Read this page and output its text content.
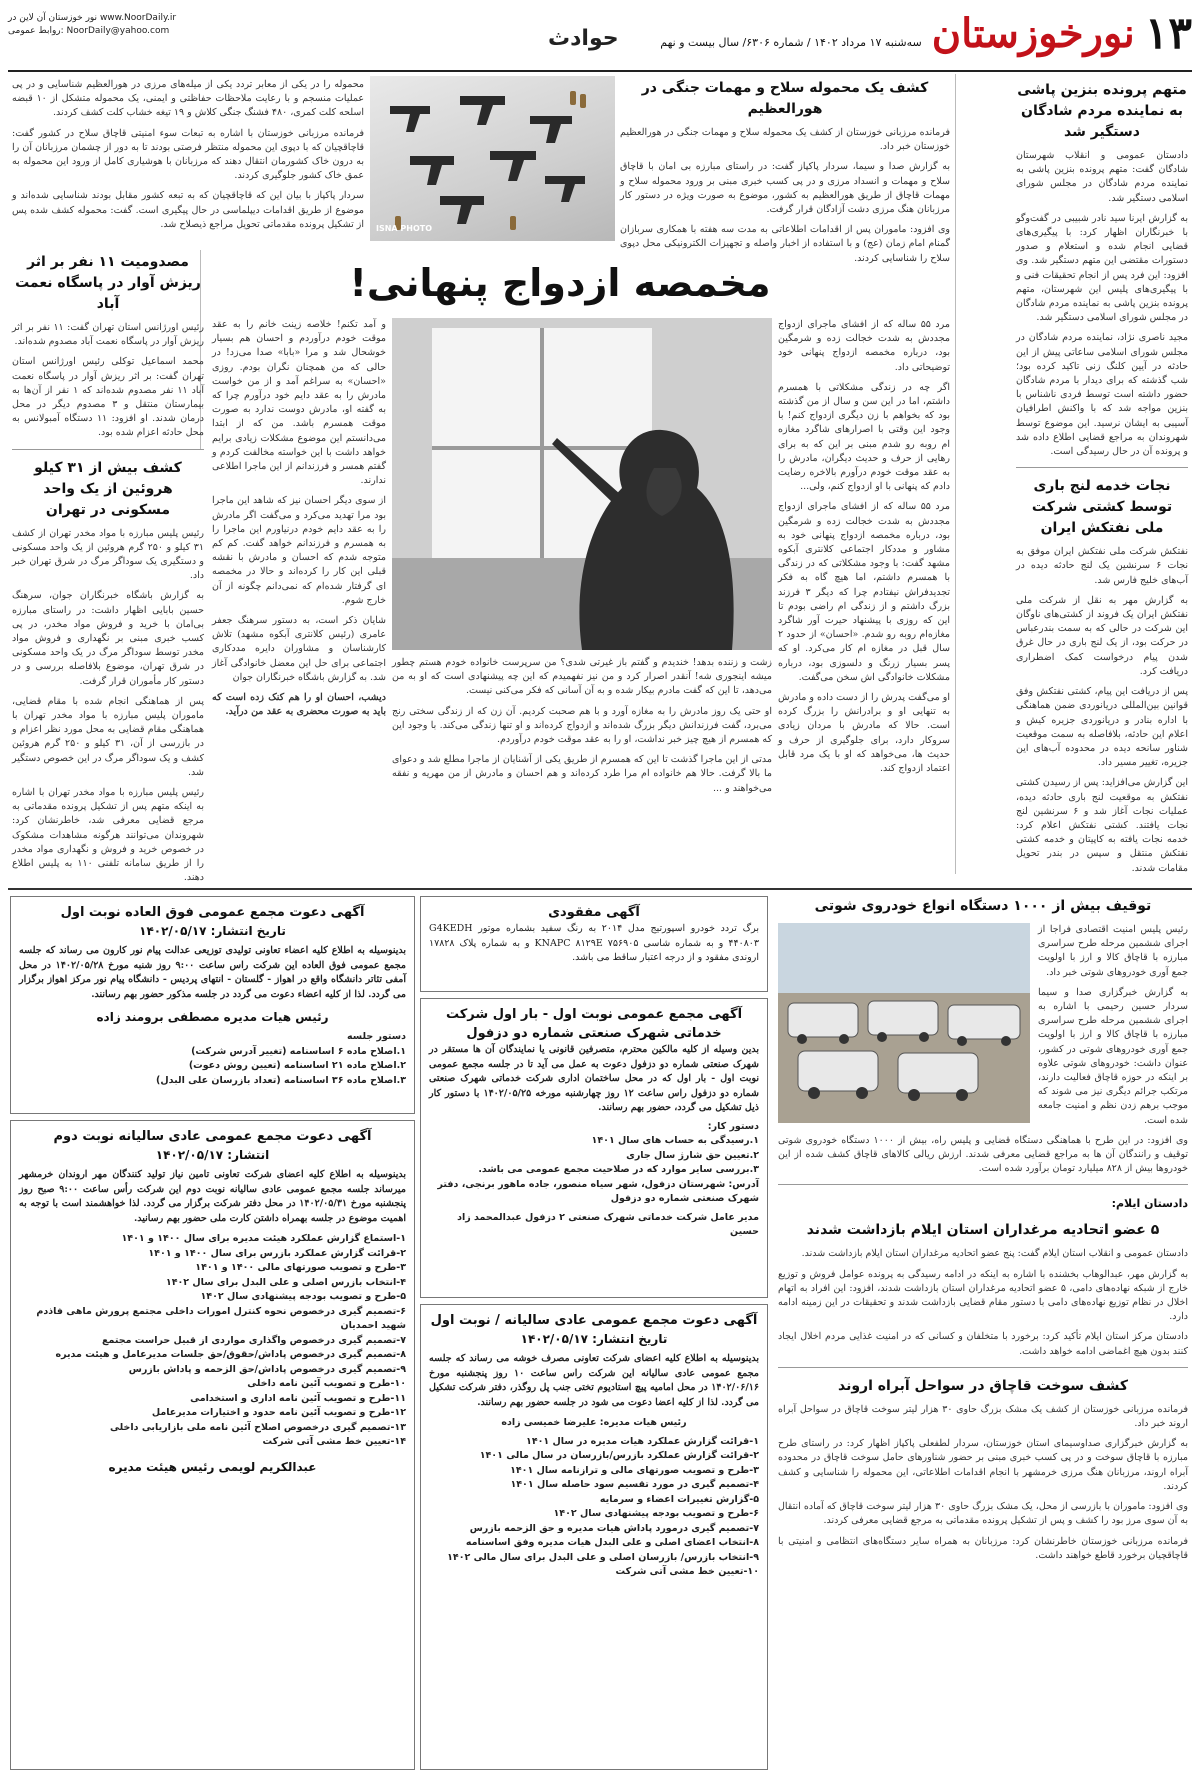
۱۳
نورخوزستان
سه‌شنبه ۱۷ مرداد ۱۴۰۲ / شماره ۶۳۰۶/ سال بیست و نهم
حوادث
نور خوزستان آن لاین در www.NoorDaily.ir
روابط عمومی: NoorDaily@yahoo.com
متهم پرونده بنزین پاشی به نماینده مردم شادگان دستگیر شد

دادستان عمومی و انقلاب شهرستان شادگان گفت: متهم پرونده بنزین پاشی به نماینده مردم شادگان در مجلس شورای اسلامی دستگیر شد.

به گزارش ایرنا سید نادر شبیبی در گفت‌وگو با خبرنگاران اظهار کرد: با پیگیری‌های قضایی انجام شده و استعلام و صدور دستورات مقتضی این متهم دستگیر شد. وی افزود: این فرد پس از انجام تحقیقات فنی و با پیگیری‌های پلیس این شهرستان، متهم پرونده بنزین پاشی به نماینده مردم شادگان در مجلس شورای اسلامی دستگیر شد.

مجید ناصری نژاد، نماینده مردم شادگان در مجلس شورای اسلامی ساعاتی پیش از این حادثه در آیین کلنگ زنی تاکید کرده بود؛ شب گذشته که برای دیدار با مردم شادگان حضور داشته است توسط فردی ناشناس با بنزین مواجه شد که با واکنش اطرافیان آسیبی به ایشان نرسید. این موضوع توسط شهروندان به مراجع قضایی اطلاع داده شد و پرونده آن در حال رسیدگی است.

نجات خدمه لنج باری توسط کشتی شرکت ملی نفتکش ایران

نفتکش شرکت ملی نفتکش ایران موفق به نجات ۶ سرنشین یک لنج حادثه دیده در آب‌های خلیج فارس شد.

به گزارش مهر به نقل از شرکت ملی نفتکش ایران یک فروند از کشتی‌های ناوگان این شرکت در حالی که به سمت بندرعباس در حرکت بود، از یک لنج باری در حال غرق شدن پیام درخواست کمک اضطراری دریافت کرد.

پس از دریافت این پیام، کشتی نفتکش وفق قوانین بین‌المللی دریانوردی ضمن هماهنگی با اداره بنادر و دریانوردی جزیره کیش و اعلام این حادثه، بلافاصله به سمت موقعیت شناور سانحه دیده در محدوده آب‌های این جزیره، تغییر مسیر داد.

این گزارش می‌افزاید: پس از رسیدن کشتی نفتکش به موقعیت لنج باری حادثه دیده، عملیات نجات آغاز شد و ۶ سرنشین لنج نجات یافتند. کشتی نفتکش اعلام کرد: خدمه نجات یافته به کاپیتان و خدمه کشتی نفتکش منتقل و سپس در بندر تحویل مقامات شدند.

کشف یک محموله سلاح و مهمات جنگی در هورالعظیم

فرمانده مرزبانی خوزستان از کشف یک محموله سلاح و مهمات جنگی در هورالعظیم خوزستان خبر داد.

به گزارش صدا و سیما، سردار پاکپاز گفت: در راستای مبارزه بی امان با قاچاق سلاح و مهمات و انسداد مرزی و در پی کسب خبری مبنی بر ورود محموله سلاح و مهمات قاچاق از طریق هورالعظیم به کشور، موضوع به صورت ویژه در دستور کار مرزبانان هنگ مرزی دشت آزادگان قرار گرفت.

وی افزود: ماموران پس از اقدامات اطلاعاتی به مدت سه هفته با همکاری سربازان گمنام امام زمان (عج) و با استفاده از اخبار واصله و تجهیزات الکترونیکی محل دپوی سلاح را شناسایی کردند.

ISNA PHOTO

محموله را در یکی از معابر تردد یکی از میله‌های مرزی در هورالعظیم شناسایی و در پی عملیات منسجم و با رعایت ملاحظات حفاظتی و ایمنی، یک محموله متشکل از ۱۰ قبضه اسلحه کلت کمری، ۴۸۰ فشنگ جنگی کلاش و ۱۹ تیغه خشاب کلت کشف کردند.

فرمانده مرزبانی خوزستان با اشاره به تبعات سوء امنیتی قاچاق سلاح در کشور گفت: قاچاقچیان که با دپوی این محموله منتظر فرصتی بودند تا به دور از چشمان مرزبانان آن را به درون خاک کشورمان انتقال دهند که مرزبانان با هوشیاری کامل از ورود این محموله به عمق خاک کشور جلوگیری کردند.

سردار پاکپاز با بیان این که قاچاقچیان که به تبعه کشور مقابل بودند شناسایی شده‌اند و موضوع از طریق اقدامات دیپلماسی در حال پیگیری است. گفت: محموله کشف شده پس از تشکیل پرونده مقدماتی تحویل مراجع ذیصلاح شد.

مخمصه ازدواج پنهانی!

مرد ۵۵ ساله که از افشای ماجرای ازدواج مجددش به شدت خجالت زده و شرمگین بود، درباره مخمصه ازدواج پنهانی خود توضیحاتی داد.

اگر چه در زندگی مشکلاتی با همسرم داشتم، اما در این سن و سال از من گذشته بود که بخواهم با زن دیگری ازدواج کنم! با وجود این وقتی با اصرارهای شاگرد مغازه ام روبه رو شدم مبنی بر این که به برای رهایی از حرف و حدیث دیگران، مادرش را به عقد موقت خودم درآورم بالاخره رضایت دادم که پنهانی با او ازدواج کنم، ولی...

مرد ۵۵ ساله که از افشای ماجرای ازدواج مجددش به شدت خجالت زده و شرمگین بود، درباره مخمصه ازدواج پنهانی خود به مشاور و مددکار اجتماعی کلانتری آبکوه مشهد گفت: با وجود مشکلاتی که در زندگی با همسرم داشتم، اما هیچ گاه به فکر تجدید‌فراش نیفتادم چرا که دیگر ۳ فرزند بزرگ داشتم و از زندگی ام راضی بودم تا این که روزی با پیشنهاد حیرت آور شاگرد مغازه‌ام روبه رو شدم. «احسان» از حدود ۲ سال قبل در مغازه ام کار می‌کرد. او که پسر بسیار زرنگ و دلسوزی بود، درباره مشکلات خانوادگی اش سخن می‌گفت.

او می‌گفت پدرش را از دست داده و مادرش به تنهایی او و برادرانش را بزرگ کرده است. حالا که مادرش با مردان زیادی سروکار دارد، برای جلوگیری از حرف و حدیث ها، می‌خواهد که او با یک مرد قابل اعتماد ازدواج کند.

زشت و زننده بدهد! خندیدم و گفتم باز غیرتی شدی؟ من سرپرست خانواده خودم هستم چطور میشه اینجوری شه! آنقدر اصرار کرد و من نیز نفهمیدم که این چه پیشنهادی است که او به من می‌دهد، تا این که گفت مادرم بیکار شده و به آن آسانی که فکر می‌کنی نیست.

او حتی یک روز مادرش را به مغازه آورد و با هم صحبت کردیم. آن زن که از زندگی سختی رنج می‌برد، گفت فرزندانش دیگر بزرگ شده‌اند و ازدواج کرده‌اند و او تنها زندگی می‌کند. با وجود این که همسرم از هیچ چیز خبر نداشت، او را به عقد موقت خودم درآوردم.

مدتی از این ماجرا گذشت تا این که همسرم از طریق یکی از آشنایان از ماجرا مطلع شد و دعوای ما بالا گرفت. حالا هم خانواده ام مرا طرد کرده‌اند و هم احسان و مادرش از من مهریه و نفقه می‌خواهند و ...

و آمد تکنم! خلاصه زینت خانم را به عقد موقت خودم درآوردم و احسان هم بسیار خوشحال شد و مرا «بابا» صدا می‌زد! در حالی که من همچنان نگران بودم. روزی «احسان» به سراغم آمد و از من خواست مادرش را به عقد دایم خود درآورم چرا که به گفته او، مادرش دوست ندارد به صورت موقت همسرم باشد. من که از ابتدا می‌دانستم این موضوع مشکلات زیادی برایم خواهد داشت با این خواسته مخالفت کردم و گفتم همسر و فرزندانم از این ماجرا اطلاعی ندارند.

از سوی دیگر احسان نیز که شاهد این ماجرا بود مرا تهدید می‌کرد و می‌گفت اگر مادرش را به عقد دایم خودم درنیاورم این ماجرا را به همسرم و فرزندانم خواهد گفت. کم کم متوجه شدم که احسان و مادرش با نقشه قبلی این کار را کرده‌اند و حالا در مخمصه ای گرفتار شده‌ام که نمی‌دانم چگونه از آن خارج شوم.

شایان ذکر است، به دستور سرهنگ جعفر عامری (رئیس کلانتری آبکوه مشهد) تلاش کارشناسان و مشاوران دایره مددکاری اجتماعی برای حل این معضل خانوادگی آغاز شد. به گزارش باشگاه خبرنگاران جوان

دیشب، احسان او را هم کنک زده است که باید به صورت محضری به عقد من درآید.

مصدومیت ۱۱ نفر بر اثر ریزش آوار در پاسگاه نعمت آباد

رئیس اورژانس استان تهران گفت: ۱۱ نفر بر اثر ریزش آوار در پاسگاه نعمت آباد مصدوم شده‌اند.

محمد اسماعیل توکلی رئیس اورژانس استان تهران گفت: بر اثر ریزش آوار در پاسگاه نعمت آباد ۱۱ نفر مصدوم شده‌اند که ۱ نفر از آن‌ها به بیمارستان منتقل و ۳ مصدوم دیگر در محل درمان شدند. او افزود: ۱۱ دستگاه آمبولانس به محل حادثه اعزام شده بود.

کشف بیش از ۳۱ کیلو هروئین از یک واحد مسکونی در تهران

رئیس پلیس مبارزه با مواد مخدر تهران از کشف ۳۱ کیلو و ۲۵۰ گرم هروئین از یک واحد مسکونی و دستگیری یک سوداگر مرگ در شرق تهران خبر داد.

به گزارش باشگاه خبرنگاران جوان، سرهنگ حسین بابایی اظهار داشت: در راستای مبارزه بی‌امان با خرید و فروش مواد مخدر، در پی کسب خبری مبنی بر نگهداری و فروش مواد مخدر توسط سوداگر مرگ در یک واحد مسکونی در شرق تهران، موضوع بلافاصله بررسی و در دستور کار مأموران قرار گرفت.

پس از هماهنگی انجام شده با مقام قضایی، ماموران پلیس مبارزه با مواد مخدر تهران با هماهنگی مقام قضایی به محل مورد نظر اعزام و در بازرسی از آن، ۳۱ کیلو و ۲۵۰ گرم هروئین کشف و یک سوداگر مرگ در این خصوص دستگیر شد.

رئیس پلیس مبارزه با مواد مخدر تهران با اشاره به اینکه متهم پس از تشکیل پرونده مقدماتی به مرجع قضایی معرفی شد، خاطرنشان کرد: شهروندان می‌توانند هرگونه مشاهدات مشکوک در خصوص خرید و فروش و نگهداری مواد مخدر را از طریق سامانه تلفنی ۱۱۰ به پلیس اطلاع دهند.

آگهی دعوت مجمع عمومی فوق العاده نوبت اول
تاریخ انتشار: ۱۴۰۲/۰۵/۱۷
بدینوسیله به اطلاع کلیه اعضاء تعاونی تولیدی توزیعی عدالت پیام نور کارون می رساند که جلسه مجمع عمومی فوق العاده این شرکت راس ساعت ۹:۰۰ روز شنبه مورخ ۱۴۰۲/۰۵/۲۸ در محل آمفی تئاتر دانشگاه واقع در اهواز - گلستان - انتهای پردیس - دانشگاه پیام نور مرکز اهواز برگزار می گردد. لذا از کلیه اعضاء دعوت می گردد در جلسه مذکور حضور بهم رسانند.
رئیس هیات مدیره مصطفی برومند زاده
دستور جلسه
۱.اصلاح ماده ۶ اساسنامه (تغییر آدرس شرکت)
۲.اصلاح ماده ۲۱ اساسنامه (تعیین روش دعوت)
۳.اصلاح ماده ۳۶ اساسنامه (تعداد بازرسان علی البدل)
آگهی دعوت مجمع عمومی عادی سالیانه نوبت دوم
انتشار: ۱۴۰۲/۰۵/۱۷
بدینوسیله به اطلاع کلیه اعضای شرکت تعاونی تامین نیاز تولید کنندگان مهر اروندان خرمشهر میرساند جلسه مجمع عمومی عادی سالیانه نوبت دوم این شرکت رأس ساعت ۹:۰۰ صبح روز پنجشنبه مورخ ۱۴۰۲/۰۵/۳۱ در محل دفتر شرکت برگزار می گردد. لذا خواهشمند است با توجه به اهمیت موضوع در جلسه بهمراه داشتن کارت ملی حضور بهم رسانید.
۱-استماع گزارش عملکرد هیئت مدیره برای سال ۱۴۰۰ و ۱۴۰۱
۲-قرائت گزارش عملکرد بازرس برای سال ۱۴۰۰ و ۱۴۰۱
۳-طرح و تصویب صورتهای مالی ۱۴۰۰ و ۱۴۰۱
۴-انتخاب بازرس اصلی و علی البدل برای سال ۱۴۰۲
۵-طرح و تصویب بودجه پیشنهادی سال ۱۴۰۲
۶-تصمیم گیری درخصوص نحوه کنترل امورات داخلی مجتمع پرورش ماهی فاذدم شهید احمدیان
۷-تصمیم گیری درخصوص واگذاری مواردی از قبیل حراست مجتمع
۸-تصمیم گیری درخصوص پاداش/حقوق/حق جلسات مدیرعامل و هیئت مدیره
۹-تصمیم گیری درخصوص پاداش/حق الزحمه و پاداش بازرس
۱۰-طرح و تصویب آئین نامه داخلی
۱۱-طرح و تصویب آئین نامه اداری و استخدامی
۱۲-طرح و تصویب آئین نامه حدود و اختیارات مدیرعامل
۱۳-تصمیم گیری درخصوص اصلاح آئین نامه ملی بازاریابی داخلی
۱۴-تعیین خط مشی آتی شرکت
عبدالکریم لویمی رئیس هیئت مدیره
آگهی مفقودی
برگ تردد خودرو اسپورتیج مدل ۲۰۱۴ به رنگ سفید بشماره موتور G4KEDH ۴۴۰۸۰۳ و به شماره شاسی KNAPC ۸۱۲۹E ۷۵۶۹۰۵ و به شماره پلاک ۱۷۸۲۸ اروندی مفقود و از درجه اعتبار ساقط می باشد.
آگهی مجمع عمومی نوبت اول - بار اول شرکت خدماتی شهرک صنعتی شماره دو دزفول
بدین وسیله از کلیه مالکین محترم، متصرفین قانونی یا نمایندگان آن ها مستقر در شهرک صنعتی شماره دو دزفول دعوت به عمل می آید تا در جلسه مجمع عمومی نوبت اول - بار اول که در محل ساختمان اداری شرکت خدماتی شهرک صنعتی شماره دو دزفول راس ساعت ۱۲ روز چهارشنبه مورخه ۱۴۰۲/۰۵/۲۵ با دستور کار ذیل تشکیل می گردد، حضور بهم رسانند.
دستور کار:
۱.رسیدگی به حساب های سال ۱۴۰۱
۲.تعیین حق شارژ سال جاری
۳.بررسی سایر موارد که در صلاحیت مجمع عمومی می باشد.
آدرس: شهرستان دزفول، شهر سیاه منصور، جاده ماهور برنجی، دفتر شهرک صنعتی شماره دو دزفول
مدیر عامل شرکت خدماتی شهرک صنعتی ۲ دزفول عبدالمحمد زاد حسین
آگهی دعوت مجمع عمومی عادی سالیانه / نوبت اول
تاریخ انتشار: ۱۴۰۲/۰۵/۱۷
بدینوسیله به اطلاع کلیه اعضای شرکت تعاونی مصرف خوشه می رساند که جلسه مجمع عمومی عادی سالیانه این شرکت راس ساعت ۱۰ روز پنجشنبه مورخ ۱۴۰۲/۰۶/۱۶ در محل امامیه پیچ استادیوم تختی جنب پل روگذر، دفتر شرکت تشکیل می گردد. لذا از کلیه اعضا دعوت می شود در جلسه حضور بهم رسانند.
رئیس هیات مدیره: علیرضا خمیسی زاده
۱-قرائت گزارش عملکرد هیات مدیره در سال ۱۴۰۱
۲-قرائت گزارش عملکرد بازرس/بازرسان در سال مالی ۱۴۰۱
۳-طرح و تصویب صورتهای مالی و ترازنامه سال ۱۴۰۱
۴-تصمیم گیری در مورد تقسیم سود حاصله سال ۱۴۰۱
۵-گزارش تغییرات اعضاء و سرمایه
۶-طرح و تصویب بودجه پیشنهادی سال ۱۴۰۲
۷-تصمیم گیری درمورد پاداش هیات مدیره و حق الزحمه بازرس
۸-انتخاب اعضای اصلی و علی البدل هیات مدیره وفق اساسنامه
۹-انتخاب بازرس/ بازرسان اصلی و علی البدل برای سال مالی ۱۴۰۲
۱۰-تعیین خط مشی آتی شرکت
توقیف بیش از ۱۰۰۰ دستگاه انواع خودروی شوتی

رئیس پلیس امنیت اقتصادی فراجا از اجرای ششمین مرحله طرح سراسری مبارزه با قاچاق کالا و ارز با اولویت جمع آوری خودروهای شوتی خبر داد.

به گزارش خبرگزاری صدا و سیما سردار حسین رحیمی با اشاره به اجرای ششمین مرحله طرح سراسری مبارزه با قاچاق کالا و ارز با اولویت جمع آوری خودروهای شوتی در کشور، عنوان داشت: خودروهای شوتی علاوه بر اینکه در حوزه قاچاق فعالیت دارند، مرتکب جرائم دیگری نیز می شوند که موجب برهم زدن نظم و امنیت جامعه شده است.

وی افزود: در این طرح با هماهنگی دستگاه قضایی و پلیس راه، بیش از ۱۰۰۰ دستگاه خودروی شوتی توقیف و رانندگان آن ها به مراجع قضایی معرفی شدند. ارزش ریالی کالاهای قاچاق کشف شده از این خودروها بیش از ۸۲۸ میلیارد تومان برآورد شده است.

دادستان ایلام:
۵ عضو اتحادیه مرغداران استان ایلام بازداشت شدند

دادستان عمومی و انقلاب استان ایلام گفت: پنج عضو اتحادیه مرغداران استان ایلام بازداشت شدند.

به گزارش مهر، عبدالوهاب بخشنده با اشاره به اینکه در ادامه رسیدگی به پرونده عوامل فروش و توزیع خارج از شبکه نهاده‌های دامی، ۵ عضو اتحادیه مرغداران استان بازداشت شدند، افزود: این افراد به اتهام اخلال در نظام توزیع نهاده‌های دامی با دستور مقام قضایی بازداشت شدند و تحقیقات در این زمینه ادامه دارد.

دادستان مرکز استان ایلام تأکید کرد: برخورد با متخلفان و کسانی که در امنیت غذایی مردم اخلال ایجاد کنند بدون هیچ اغماضی ادامه خواهد داشت.

کشف سوخت قاچاق در سواحل آبراه اروند

فرمانده مرزبانی خوزستان از کشف یک مشک بزرگ حاوی ۳۰ هزار لیتر سوخت قاچاق در سواحل آبراه اروند خبر داد.

به گزارش خبرگزاری صداوسیمای استان خوزستان، سردار لطفعلی پاکپاز اظهار کرد: در راستای طرح مبارزه با قاچاق سوخت و در پی کسب خبری مبنی بر حضور شناورهای حامل سوخت قاچاق در محدوده آبراه اروند، مرزبانان هنگ مرزی خرمشهر با انجام اقدامات اطلاعاتی، این محموله را شناسایی و کشف کردند.

وی افزود: ماموران با بازرسی از محل، یک مشک بزرگ حاوی ۳۰ هزار لیتر سوخت قاچاق که آماده انتقال به آن سوی مرز بود را کشف و پس از تشکیل پرونده مقدماتی به مرجع قضایی معرفی کردند.

فرمانده مرزبانی خوزستان خاطرنشان کرد: مرزبانان به همراه سایر دستگاه‌های انتظامی و امنیتی با قاچاقچیان برخورد قاطع خواهند داشت.
